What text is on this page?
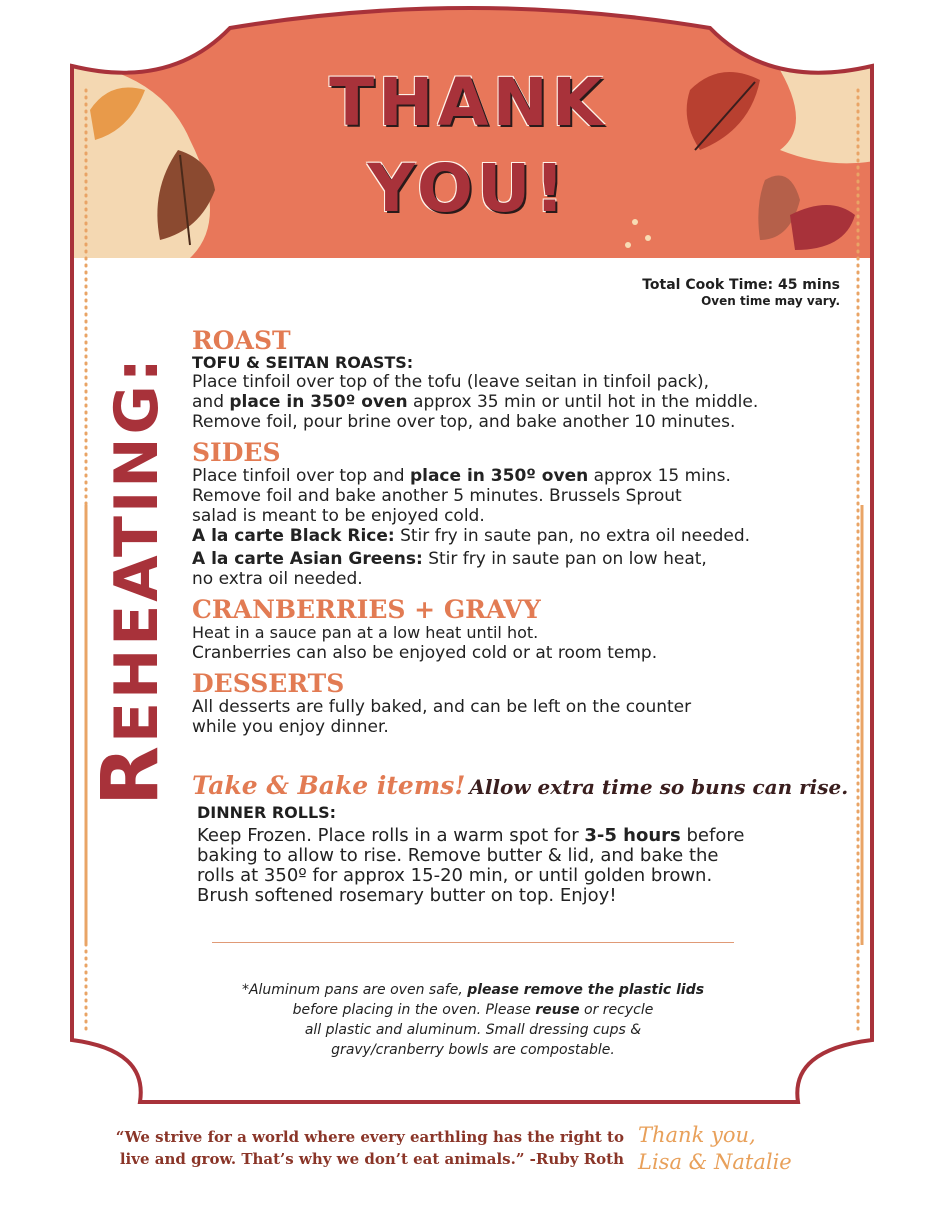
THANK
YOU!
Total Cook Time: 45 mins
Oven time may vary.
REHEATING:
ROAST

TOFU & SEITAN ROASTS:

Place tinfoil over top of the tofu (leave seitan in tinfoil pack),

and place in 350º oven approx 35 min or until hot in the middle.

Remove foil, pour brine over top, and bake another 10 minutes.

SIDES

Place tinfoil over top and place in 350º oven approx 15 mins.

Remove foil and bake another 5 minutes. Brussels Sprout

salad is meant to be enjoyed cold.

A la carte Black Rice: Stir fry in saute pan, no extra oil needed.

A la carte Asian Greens: Stir fry in saute pan on low heat,

no extra oil needed.

CRANBERRIES + GRAVY

Heat in a sauce pan at a low heat until hot.

Cranberries can also be enjoyed cold or at room temp.

DESSERTS

All desserts are fully baked, and can be left on the counter

while you enjoy dinner.

Take & Bake items! Allow extra time so buns can rise.

DINNER ROLLS:

Keep Frozen. Place rolls in a warm spot for 3-5 hours before

baking to allow to rise. Remove butter & lid, and bake the

rolls at 350º for approx 15-20 min, or until golden brown.

Brush softened rosemary butter on top. Enjoy!

*Aluminum pans are oven safe, please remove the plastic lids
before placing in the oven. Please reuse or recycle
all plastic and aluminum. Small dressing cups &
gravy/cranberry bowls are compostable.
“We strive for a world where every earthling has the right to
live and grow. That’s why we don’t eat animals.” -Ruby Roth
Thank you,
Lisa & Natalie
